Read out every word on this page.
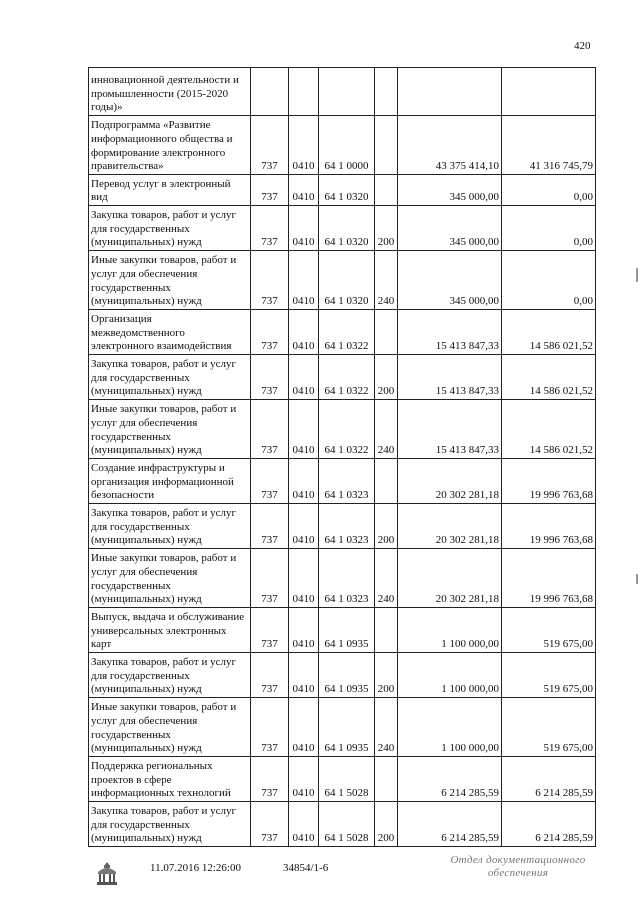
420
инновационной деятельности и промышленности (2015-2020 годы)»						
Подпрограмма «Развитие информационного общества и формирование электронного правительства»	737	0410	64 1 0000		43 375 414,10	41 316 745,79
Перевод услуг в электронный вид	737	0410	64 1 0320		345 000,00	0,00
Закупка товаров, работ и услуг для государственных (муниципальных) нужд	737	0410	64 1 0320	200	345 000,00	0,00
Иные закупки товаров, работ и услуг для обеспечения государственных (муниципальных) нужд	737	0410	64 1 0320	240	345 000,00	0,00
Организация межведомственного электронного взаимодействия	737	0410	64 1 0322		15 413 847,33	14 586 021,52
Закупка товаров, работ и услуг для государственных (муниципальных) нужд	737	0410	64 1 0322	200	15 413 847,33	14 586 021,52
Иные закупки товаров, работ и услуг для обеспечения государственных (муниципальных) нужд	737	0410	64 1 0322	240	15 413 847,33	14 586 021,52
Создание инфраструктуры и организация информационной безопасности	737	0410	64 1 0323		20 302 281,18	19 996 763,68
Закупка товаров, работ и услуг для государственных (муниципальных) нужд	737	0410	64 1 0323	200	20 302 281,18	19 996 763,68
Иные закупки товаров, работ и услуг для обеспечения государственных (муниципальных) нужд	737	0410	64 1 0323	240	20 302 281,18	19 996 763,68
Выпуск, выдача и обслуживание универсальных электронных карт	737	0410	64 1 0935		1 100 000,00	519 675,00
Закупка товаров, работ и услуг для государственных (муниципальных) нужд	737	0410	64 1 0935	200	1 100 000,00	519 675,00
Иные закупки товаров, работ и услуг для обеспечения государственных (муниципальных) нужд	737	0410	64 1 0935	240	1 100 000,00	519 675,00
Поддержка региональных проектов в сфере информационных технологий	737	0410	64 1 5028		6 214 285,59	6 214 285,59
Закупка товаров, работ и услуг для государственных (муниципальных) нужд	737	0410	64 1 5028	200	6 214 285,59	6 214 285,59
11.07.2016 12:26:00	34854/1-6
Отдел документационного
обеспечения
